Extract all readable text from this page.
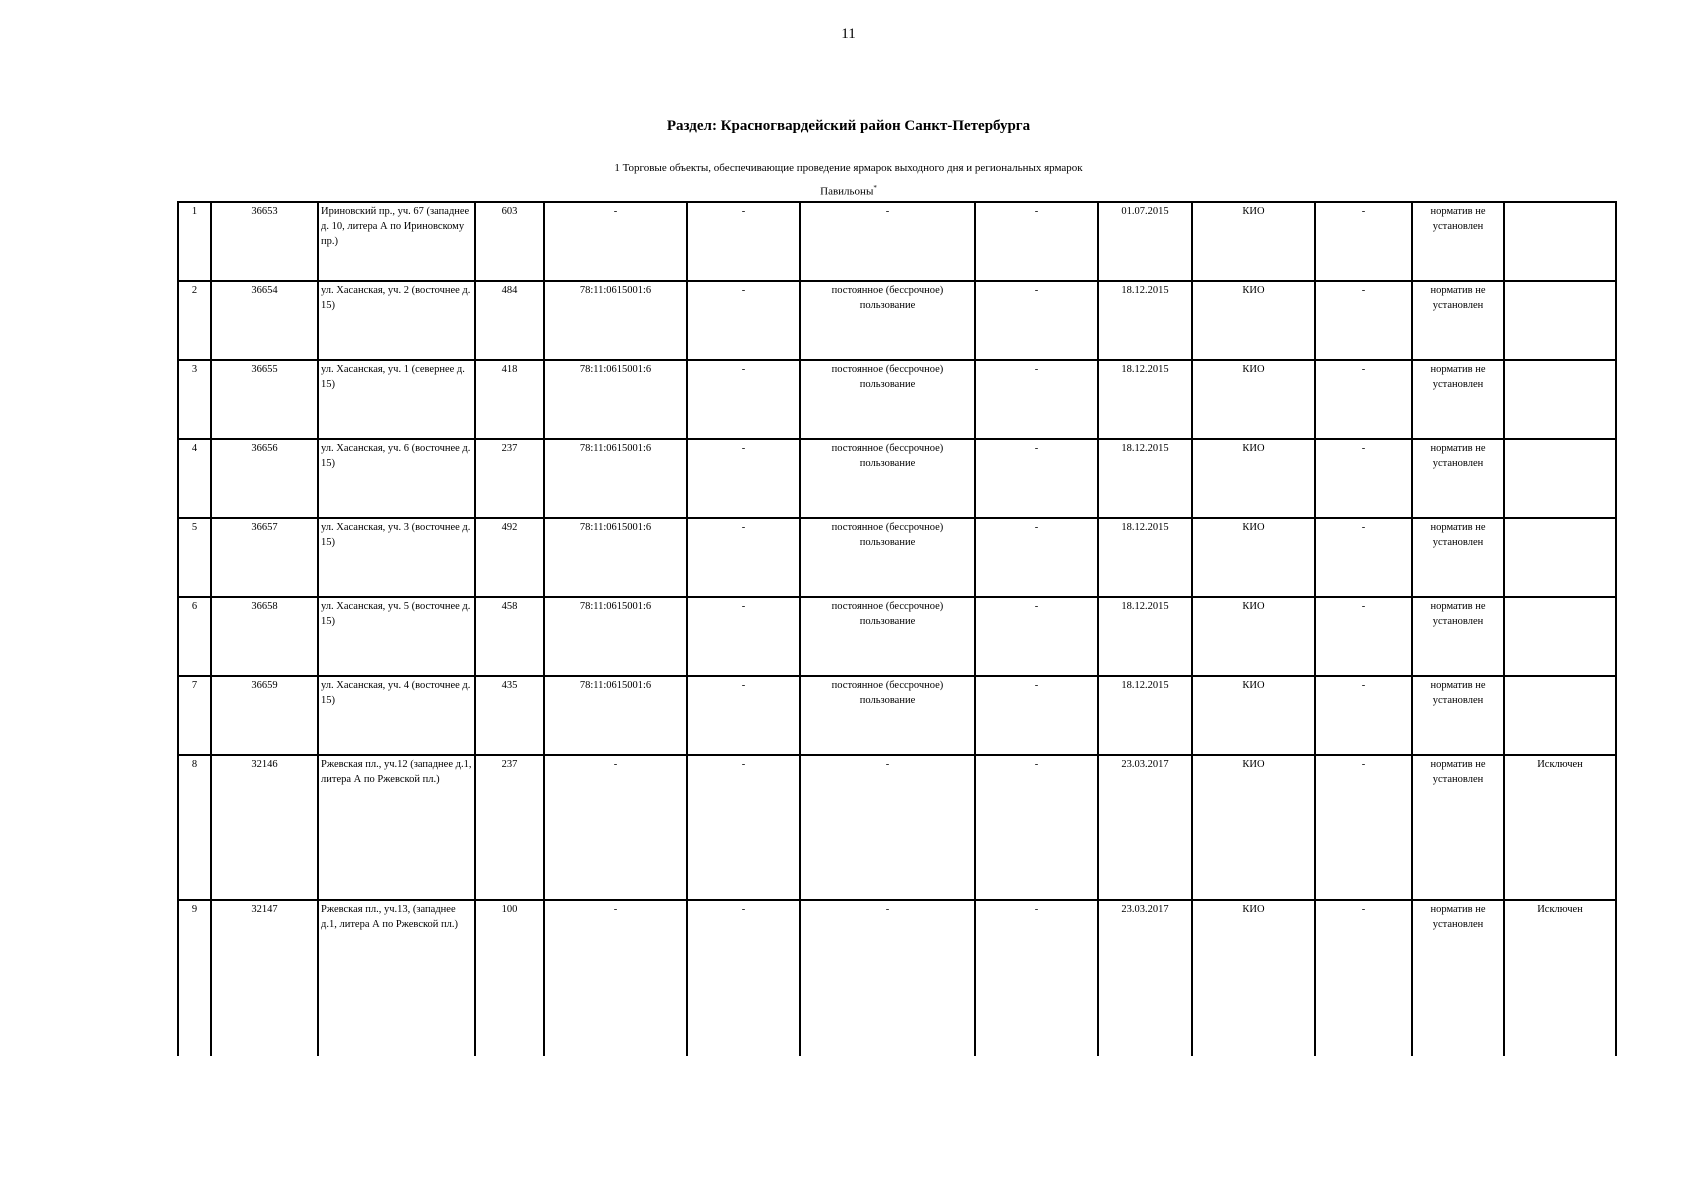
11
Раздел: Красногвардейский район Санкт-Петербурга
1 Торговые объекты, обеспечивающие проведение ярмарок выходного дня и региональных ярмарок
Павильоны*
1	36653	Ириновский пр., уч. 67 (западнее д. 10, литера А по Ириновскому пр.)	603	-	-	-	-	01.07.2015	КИО	-	норматив не установлен	
2	36654	ул. Хасанская, уч. 2 (восточнее д. 15)	484	78:11:0615001:6	-	постоянное (бессрочное) пользование	-	18.12.2015	КИО	-	норматив не установлен	
3	36655	ул. Хасанская, уч. 1 (севернее д. 15)	418	78:11:0615001:6	-	постоянное (бессрочное) пользование	-	18.12.2015	КИО	-	норматив не установлен	
4	36656	ул. Хасанская, уч. 6 (восточнее д. 15)	237	78:11:0615001:6	-	постоянное (бессрочное) пользование	-	18.12.2015	КИО	-	норматив не установлен	
5	36657	ул. Хасанская, уч. 3 (восточнее д. 15)	492	78:11:0615001:6	-	постоянное (бессрочное) пользование	-	18.12.2015	КИО	-	норматив не установлен	
6	36658	ул. Хасанская, уч. 5 (восточнее д. 15)	458	78:11:0615001:6	-	постоянное (бессрочное) пользование	-	18.12.2015	КИО	-	норматив не установлен	
7	36659	ул. Хасанская, уч. 4 (восточнее д. 15)	435	78:11:0615001:6	-	постоянное (бессрочное) пользование	-	18.12.2015	КИО	-	норматив не установлен	
8	32146	Ржевская пл., уч.12 (западнее д.1, литера А по Ржевской пл.)	237	-	-	-	-	23.03.2017	КИО	-	норматив не установлен	Исключен
9	32147	Ржевская пл., уч.13, (западнее д.1, литера А по Ржевской пл.)	100	-	-	-	-	23.03.2017	КИО	-	норматив не установлен	Исключен
